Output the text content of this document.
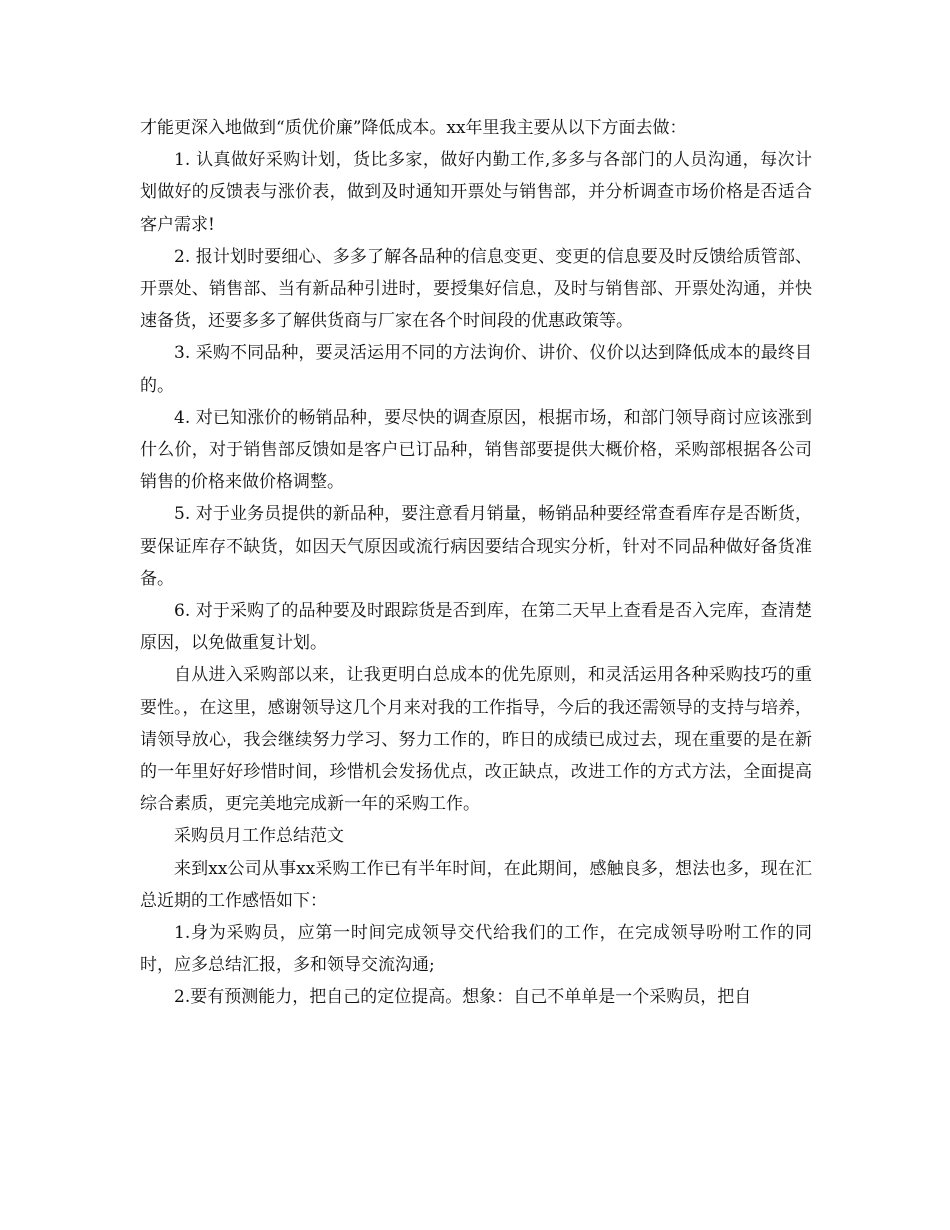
才能更深入地做到“质优价廉”降低成本。xx年里我主要从以下方面去做：

1. 认真做好采购计划，货比多家，做好内勤工作,多多与各部门的人员沟通，每次计划做好的反馈表与涨价表，做到及时通知开票处与销售部，并分析调查市场价格是否适合客户需求!

2. 报计划时要细心、多多了解各品种的信息变更、变更的信息要及时反馈给质管部、开票处、销售部、当有新品种引进时，要授集好信息，及时与销售部、开票处沟通，并快速备货，还要多多了解供货商与厂家在各个时间段的优惠政策等。

3. 采购不同品种，要灵活运用不同的方法询价、讲价、仪价以达到降低成本的最终目的。

4. 对已知涨价的畅销品种，要尽快的调查原因，根据市场，和部门领导商讨应该涨到什么价，对于销售部反馈如是客户已订品种，销售部要提供大概价格，采购部根据各公司销售的价格来做价格调整。

5. 对于业务员提供的新品种，要注意看月销量，畅销品种要经常查看库存是否断货，要保证库存不缺货，如因天气原因或流行病因要结合现实分析，针对不同品种做好备货准备。

6. 对于采购了的品种要及时跟踪货是否到库，在第二天早上查看是否入完库，查清楚原因，以免做重复计划。

自从进入采购部以来，让我更明白总成本的优先原则，和灵活运用各种采购技巧的重要性。，在这里，感谢领导这几个月来对我的工作指导，今后的我还需领导的支持与培养，请领导放心，我会继续努力学习、努力工作的，昨日的成绩已成过去，现在重要的是在新的一年里好好珍惜时间，珍惜机会发扬优点，改正缺点，改进工作的方式方法，全面提高综合素质，更完美地完成新一年的采购工作。

采购员月工作总结范文

来到xx公司从事xx采购工作已有半年时间，在此期间，感触良多，想法也多，现在汇总近期的工作感悟如下：

1.身为采购员，应第一时间完成领导交代给我们的工作，在完成领导吩咐工作的同时，应多总结汇报，多和领导交流沟通;

2.要有预测能力，把自己的定位提高。想象：自己不单单是一个采购员，把自
